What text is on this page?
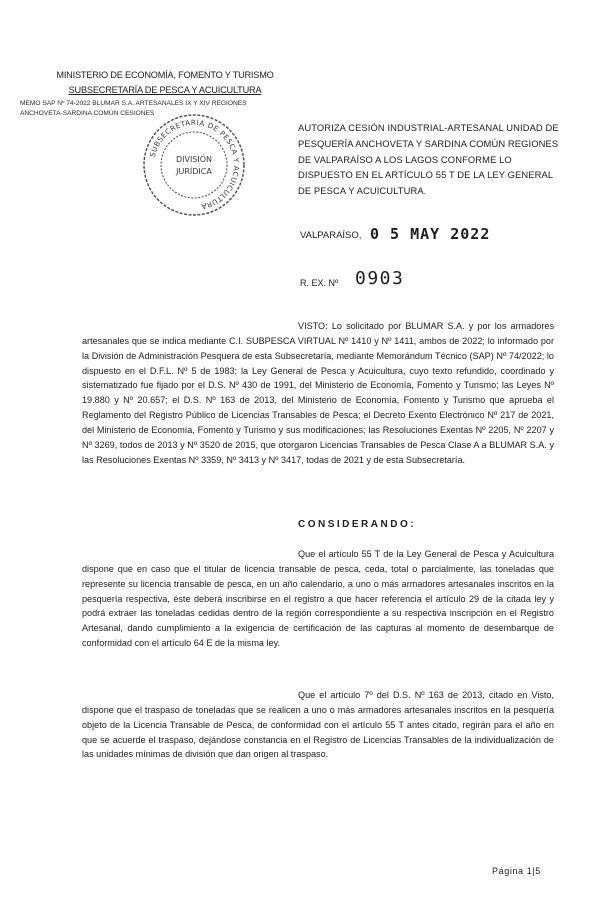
MINISTERIO DE ECONOMÍA, FOMENTO Y TURISMO
SUBSECRETARÍA DE PESCA Y ACUICULTURA
MEMO SAP Nº 74-2022 BLUMAR S.A. ARTESANALES IX Y XIV REGIONES
ANCHOVETA-SARDINA COMÚN CESIONES
SUBSECRETARÍA DE PESCA Y ACUICULTURA
DIVISIÓN
JURÍDICA
AUTORIZA CESIÓN INDUSTRIAL-ARTESANAL UNIDAD DE PESQUERÍA ANCHOVETA Y SARDINA COMÚN REGIONES DE VALPARAÍSO A LOS LAGOS CONFORME LO DISPUESTO EN EL ARTÍCULO 55 T DE LA LEY GENERAL DE PESCA Y ACUICULTURA.
VALPARAÍSO, 0 5 MAY 2022
R. EX. Nº 0903
VISTO: Lo solicitado por BLUMAR S.A. y por los armadores artesanales que se indica mediante C.I. SUBPESCA VIRTUAL Nº 1410 y Nº 1411, ambos de 2022; lo informado por la División de Administración Pesquera de esta Subsecretaría, mediante Memorándum Técnico (SAP) Nº 74/2022; lo dispuesto en el D.F.L. Nº 5 de 1983; la Ley General de Pesca y Acuicultura, cuyo texto refundido, coordinado y sistematizado fue fijado por el D.S. Nº 430 de 1991, del Ministerio de Economía, Fomento y Turismo; las Leyes Nº 19.880 y Nº 20.657; el D.S. Nº 163 de 2013, del Ministerio de Economía, Fomento y Turismo que aprueba el Reglamento del Registro Público de Licencias Transables de Pesca; el Decreto Exento Electrónico Nº 217 de 2021, del Ministerio de Economía, Fomento y Turismo y sus modificaciones; las Resoluciones Exentas Nº 2205, Nº 2207 y Nº 3269, todos de 2013 y Nº 3520 de 2015, que otorgaron Licencias Transables de Pesca Clase A a BLUMAR S.A. y las Resoluciones Exentas Nº 3359, Nº 3413 y Nº 3417, todas de 2021 y de esta Subsecretaría.
CONSIDERANDO:
Que el artículo 55 T de la Ley General de Pesca y Acuicultura dispone que en caso que el titular de licencia transable de pesca, ceda, total o parcialmente, las toneladas que represente su licencia transable de pesca, en un año calendario, a uno o más armadores artesanales inscritos en la pesquería respectiva, éste deberá inscribirse en el registro a que hacer referencia el artículo 29 de la citada ley y podrá extraer las toneladas cedidas dentro de la región correspondiente a su respectiva inscripción en el Registro Artesanal, dando cumplimiento a la exigencia de certificación de las capturas al momento de desembarque de conformidad con el artículo 64 E de la misma ley.
Que el artículo 7º del D.S. Nº 163 de 2013, citado en Visto, dispone que el traspaso de toneladas que se realicen a uno o más armadores artesanales inscritos en la pesquería objeto de la Licencia Transable de Pesca, de conformidad con el artículo 55 T antes citado, regirán para el año en que se acuerde el traspaso, dejándose constancia en el Registro de Licencias Transables de la individualización de las unidades mínimas de división que dan origen al traspaso.
Página 1|5
